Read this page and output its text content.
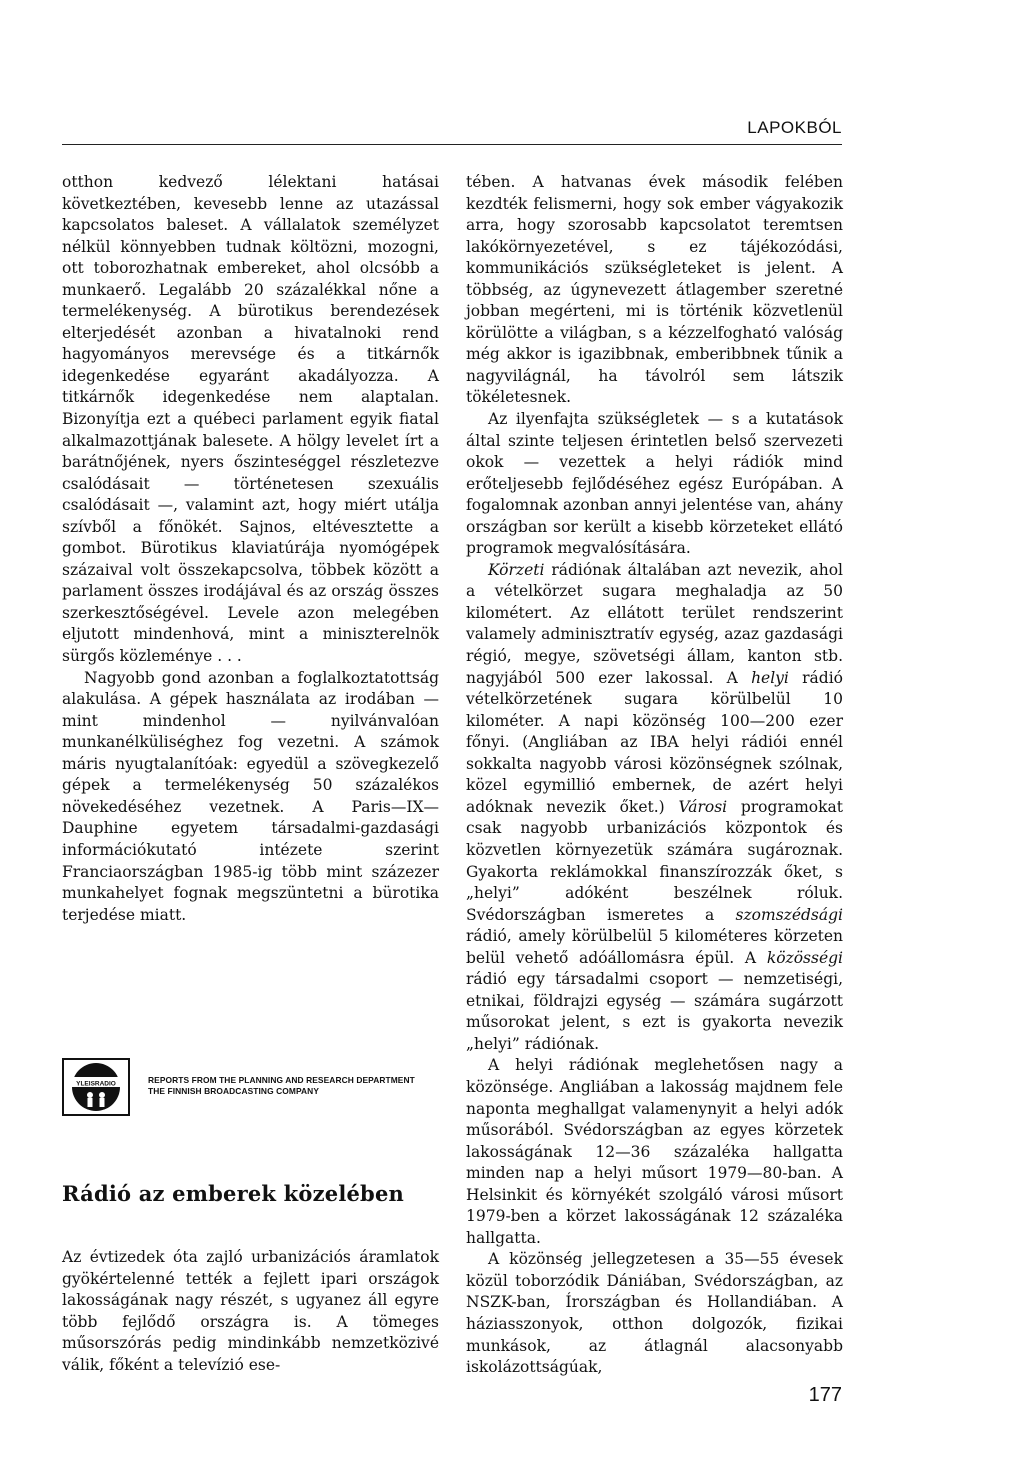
LAPOKBÓL

otthon kedvező lélektani hatásai következtében, kevesebb lenne az utazással kapcsolatos baleset. A vállalatok személyzet nélkül könnyebben tudnak költözni, mozogni, ott toborozhatnak embereket, ahol olcsóbb a munkaerő. Legalább 20 százalékkal nőne a termelékenység. A bürotikus berendezések elterjedését azonban a hivatalnoki rend hagyományos merevsége és a titkárnők idegenkedése egyaránt akadályozza. A titkárnők idegenkedése nem alaptalan. Bizonyítja ezt a québeci parlament egyik fiatal alkalmazottjának balesete. A hölgy levelet írt a barátnőjének, nyers őszinteséggel részletezve csalódásait — történetesen szexuális csalódásait —, valamint azt, hogy miért utálja szívből a főnökét. Sajnos, eltévesztette a gombot. Bürotikus klaviatúrája nyomógépek százaival volt összekapcsolva, többek között a parlament összes irodájával és az ország összes szerkesztőségével. Levele azon melegében eljutott mindenhová, mint a miniszterelnök sürgős közleménye . . .

Nagyobb gond azonban a foglalkoztatottság alakulása. A gépek használata az irodában — mint mindenhol — nyilvánvalóan munkanélküliséghez fog vezetni. A számok máris nyugtalanítóak: egyedül a szövegkezelő gépek a termelékenység 50 százalékos növekedéséhez vezetnek. A Paris—IX—Dauphine egyetem társadalmi-gazdasági információkutató intézete szerint Franciaországban 1985-ig több mint százezer munkahelyet fognak megszüntetni a bürotika terjedése miatt.

YLEISRADIO	REPORTS FROM THE PLANNING AND RESEARCH DEPARTMENT
THE FINNISH BROADCASTING COMPANY
Rádió az emberek közelében

Az évtizedek óta zajló urbanizációs áramlatok gyökértelenné tették a fejlett ipari országok lakosságának nagy részét, s ugyanez áll egyre több fejlődő országra is. A tömeges műsorszórás pedig mindinkább nemzetközivé válik, főként a televízió ese-

tében. A hatvanas évek második felében kezdték felismerni, hogy sok ember vágyakozik arra, hogy szorosabb kapcsolatot teremtsen lakókörnyezetével, s ez tájékozódási, kommunikációs szükségleteket is jelent. A többség, az úgynevezett átlagember szeretné jobban megérteni, mi is történik közvetlenül körülötte a világban, s a kézzelfogható valóság még akkor is igazibbnak, emberibbnek tűnik a nagyvilágnál, ha távolról sem látszik tökéletesnek.

Az ilyenfajta szükségletek — s a kutatások által szinte teljesen érintetlen belső szervezeti okok — vezettek a helyi rádiók mind erőteljesebb fejlődéséhez egész Európában. A fogalomnak azonban annyi jelentése van, ahány országban sor került a kisebb körzeteket ellátó programok megvalósítására.

Körzeti rádiónak általában azt nevezik, ahol a vételkörzet sugara meghaladja az 50 kilométert. Az ellátott terület rendszerint valamely adminisztratív egység, azaz gazdasági régió, megye, szövetségi állam, kanton stb. nagyjából 500 ezer lakossal. A helyi rádió vételkörzetének sugara körülbelül 10 kilométer. A napi közönség 100—200 ezer főnyi. (Angliában az IBA helyi rádiói ennél sokkalta nagyobb városi közönségnek szólnak, közel egymillió embernek, de azért helyi adóknak nevezik őket.) Városi programokat csak nagyobb urbanizációs központok és közvetlen környezetük számára sugároznak. Gyakorta reklámokkal finanszírozzák őket, s „helyi” adóként beszélnek róluk. Svédországban ismeretes a szomszédsági rádió, amely körülbelül 5 kilométeres körzeten belül vehető adóállomásra épül. A közösségi rádió egy társadalmi csoport — nemzetiségi, etnikai, földrajzi egység — számára sugárzott műsorokat jelent, s ezt is gyakorta nevezik „helyi” rádiónak.

A helyi rádiónak meglehetősen nagy a közönsége. Angliában a lakosság majdnem fele naponta meghallgat valamenynyit a helyi adók műsorából. Svédországban az egyes körzetek lakosságának 12—36 százaléka hallgatta minden nap a helyi műsort 1979—80-ban. A Helsinkit és környékét szolgáló városi műsort 1979-ben a körzet lakosságának 12 százaléka hallgatta.

A közönség jellegzetesen a 35—55 évesek közül toborzódik Dániában, Svédországban, az NSZK-ban, Írországban és Hollandiában. A háziasszonyok, otthon dolgozók, fizikai munkások, az átlagnál alacsonyabb iskolázottságúak,

177
